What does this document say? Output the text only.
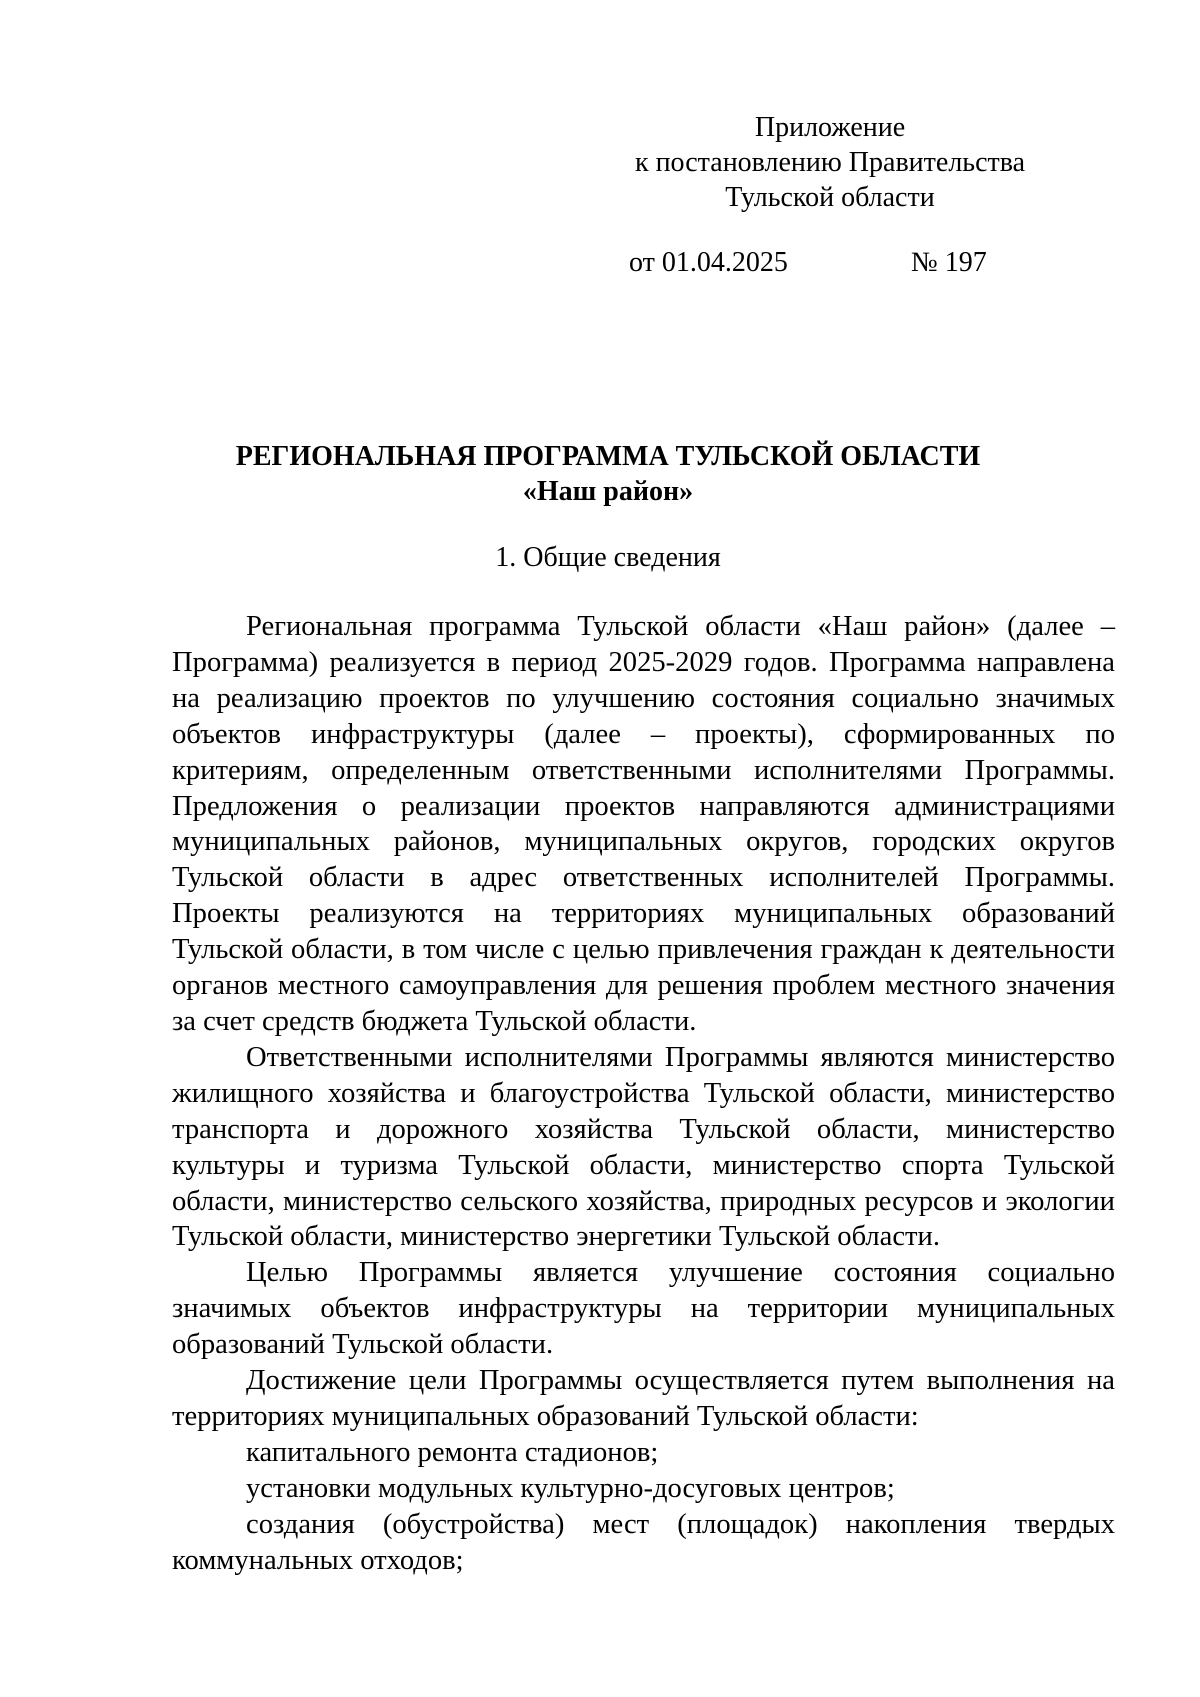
Приложение
к постановлению Правительства
Тульской области
от 01.04.2025	№ 197
РЕГИОНАЛЬНАЯ ПРОГРАММА ТУЛЬСКОЙ ОБЛАСТИ
«Наш район»
1. Общие сведения

Региональная программа Тульской области «Наш район» (далее – Программа) реализуется в период 2025-2029 годов. Программа направлена на реализацию проектов по улучшению состояния социально значимых объектов инфраструктуры (далее – проекты), сформированных по критериям, определенным ответственными исполнителями Программы. Предложения о реализации проектов направляются администрациями муниципальных районов, муниципальных округов, городских округов Тульской области в адрес ответственных исполнителей Программы. Проекты реализуются на территориях муниципальных образований Тульской области, в том числе с целью привлечения граждан к деятельности органов местного самоуправления для решения проблем местного значения за счет средств бюджета Тульской области.

Ответственными исполнителями Программы являются министерство жилищного хозяйства и благоустройства Тульской области, министерство транспорта и дорожного хозяйства Тульской области, министерство культуры и туризма Тульской области, министерство спорта Тульской области, министерство сельского хозяйства, природных ресурсов и экологии Тульской области, министерство энергетики Тульской области.

Целью Программы является улучшение состояния социально значимых объектов инфраструктуры на территории муниципальных образований Тульской области.

Достижение цели Программы осуществляется путем выполнения на территориях муниципальных образований Тульской области:

капитального ремонта стадионов;

установки модульных культурно-досуговых центров;

создания (обустройства) мест (площадок) накопления твердых коммунальных отходов;
